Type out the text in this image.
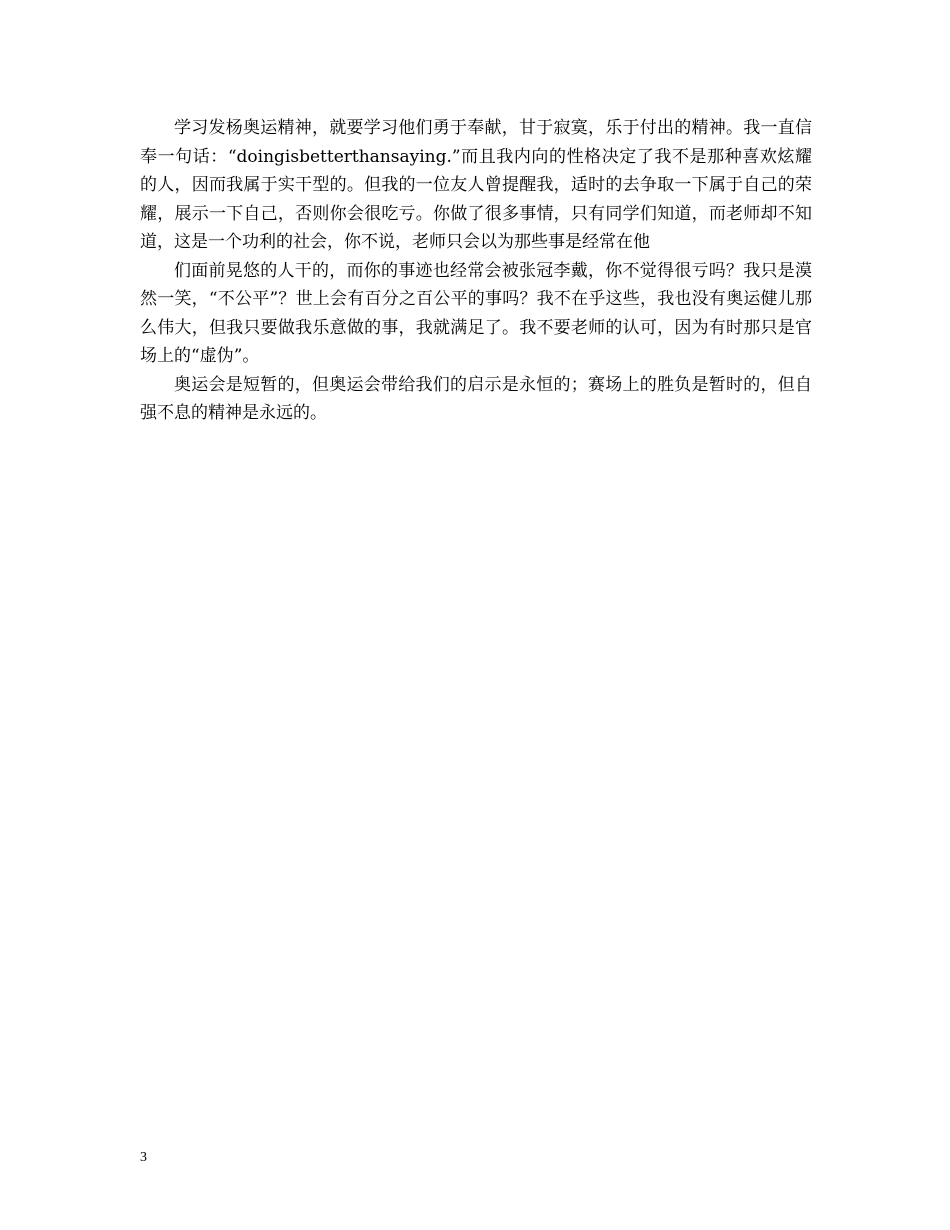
学习发杨奥运精神，就要学习他们勇于奉献，甘于寂寞，乐于付出的精神。我一直信奉一句话：“doingisbetterthansaying.”而且我内向的性格决定了我不是那种喜欢炫耀的人，因而我属于实干型的。但我的一位友人曾提醒我，适时的去争取一下属于自己的荣耀，展示一下自己，否则你会很吃亏。你做了很多事情，只有同学们知道，而老师却不知道，这是一个功利的社会，你不说，老师只会以为那些事是经常在他

们面前晃悠的人干的，而你的事迹也经常会被张冠李戴，你不觉得很亏吗？我只是漠然一笑，“不公平”？世上会有百分之百公平的事吗？我不在乎这些，我也没有奥运健儿那么伟大，但我只要做我乐意做的事，我就满足了。我不要老师的认可，因为有时那只是官场上的“虚伪”。

奥运会是短暂的，但奥运会带给我们的启示是永恒的；赛场上的胜负是暂时的，但自强不息的精神是永远的。

3
